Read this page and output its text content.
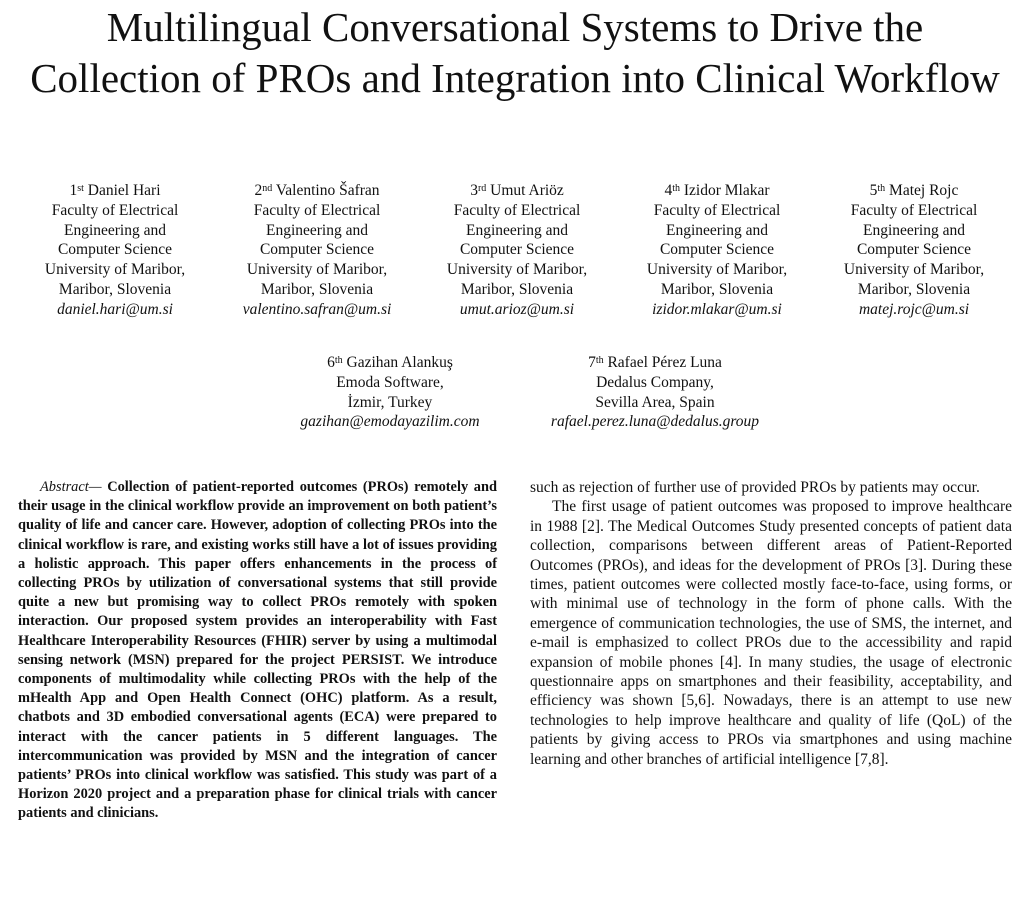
Multilingual Conversational Systems to Drive the Collection of PROs and Integration into Clinical Workflow
1st Daniel Hari
Faculty of Electrical
Engineering and
Computer Science
University of Maribor,
Maribor, Slovenia
daniel.hari@um.si
2nd Valentino Šafran
Faculty of Electrical
Engineering and
Computer Science
University of Maribor,
Maribor, Slovenia
valentino.safran@um.si
3rd Umut Ariöz
Faculty of Electrical
Engineering and
Computer Science
University of Maribor,
Maribor, Slovenia
umut.arioz@um.si
4th Izidor Mlakar
Faculty of Electrical
Engineering and
Computer Science
University of Maribor,
Maribor, Slovenia
izidor.mlakar@um.si
5th Matej Rojc
Faculty of Electrical
Engineering and
Computer Science
University of Maribor,
Maribor, Slovenia
matej.rojc@um.si
6th Gazihan Alankuş
Emoda Software,
İzmir, Turkey
gazihan@emodayazilim.com
7th Rafael Pérez Luna
Dedalus Company,
Sevilla Area, Spain
rafael.perez.luna@dedalus.group
Abstract— Collection of patient-reported outcomes (PROs) remotely and their usage in the clinical workflow provide an improvement on both patient’s quality of life and cancer care. However, adoption of collecting PROs into the clinical workflow is rare, and existing works still have a lot of issues providing a holistic approach. This paper offers enhancements in the process of collecting PROs by utilization of conversational systems that still provide quite a new but promising way to collect PROs remotely with spoken interaction. Our proposed system provides an interoperability with Fast Healthcare Interoperability Resources (FHIR) server by using a multimodal sensing network (MSN) prepared for the project PERSIST. We introduce components of multimodality while collecting PROs with the help of the mHealth App and Open Health Connect (OHC) platform. As a result, chatbots and 3D embodied conversational agents (ECA) were prepared to interact with the cancer patients in 5 different languages. The intercommunication was provided by MSN and the integration of cancer patients’ PROs into clinical workflow was satisfied. This study was part of a Horizon 2020 project and a preparation phase for clinical trials with cancer patients and clinicians.

such as rejection of further use of provided PROs by patients may occur.

The first usage of patient outcomes was proposed to improve healthcare in 1988 [2]. The Medical Outcomes Study presented concepts of patient data collection, comparisons between different areas of Patient-Reported Outcomes (PROs), and ideas for the development of PROs [3]. During these times, patient outcomes were collected mostly face-to-face, using forms, or with minimal use of technology in the form of phone calls. With the emergence of communication technologies, the use of SMS, the internet, and e-mail is emphasized to collect PROs due to the accessibility and rapid expansion of mobile phones [4]. In many studies, the usage of electronic questionnaire apps on smartphones and their feasibility, acceptability, and efficiency was shown [5,6]. Nowadays, there is an attempt to use new technologies to help improve healthcare and quality of life (QoL) of the patients by giving access to PROs via smartphones and using machine learning and other branches of artificial intelligence [7,8].
